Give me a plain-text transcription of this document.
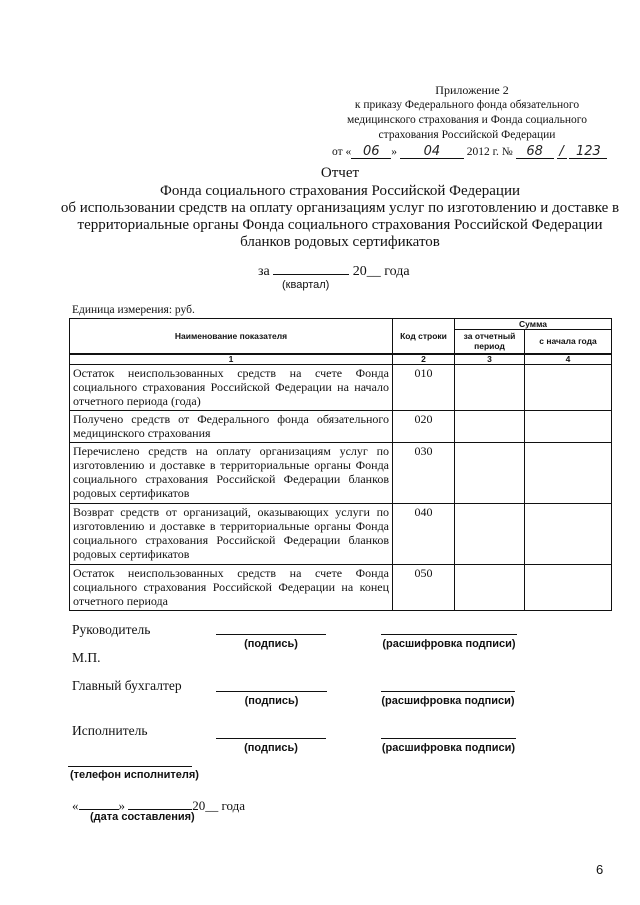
Приложение 2
к приказу Федерального фонда обязательного
медицинского страхования и Фонда социального
страхования Российской Федерации
от « 06 » 04 2012 г. № 68 / 123
Отчет
Фонда социального страхования Российской Федерации
об использовании средств на оплату организациям услуг по изготовлению и доставке в
территориальные органы Фонда социального страхования Российской Федерации
бланков родовых сертификатов
за	20__ года
(квартал)
Единица измерения: руб.
Наименование показателя	Код строки	Сумма	
		за отчетный период	с начала года
1	2	3	4
Остаток неиспользованных средств на счете Фонда социального страхования Российской Федерации на начало отчетного периода (года)	010		
Получено средств от Федерального фонда обязательного медицинского страхования	020		
Перечислено средств на оплату организациям услуг по изготовлению и доставке в территориальные органы Фонда социального страхования Российской Федерации бланков родовых сертификатов	030		
Возврат средств от организаций, оказывающих услуги по изготовлению и доставке в территориальные органы Фонда социального страхования Российской Федерации бланков родовых сертификатов	040		
Остаток неиспользованных средств на счете Фонда социального страхования Российской Федерации на конец отчетного периода	050		
Руководитель
(подпись)	(расшифровка подписи)
М.П.
Главный бухгалтер
(подпись)	(расшифровка подписи)
Исполнитель
(подпись)	(расшифровка подписи)
(телефон исполнителя)
«	»	20__ года
(дата составления)
6
